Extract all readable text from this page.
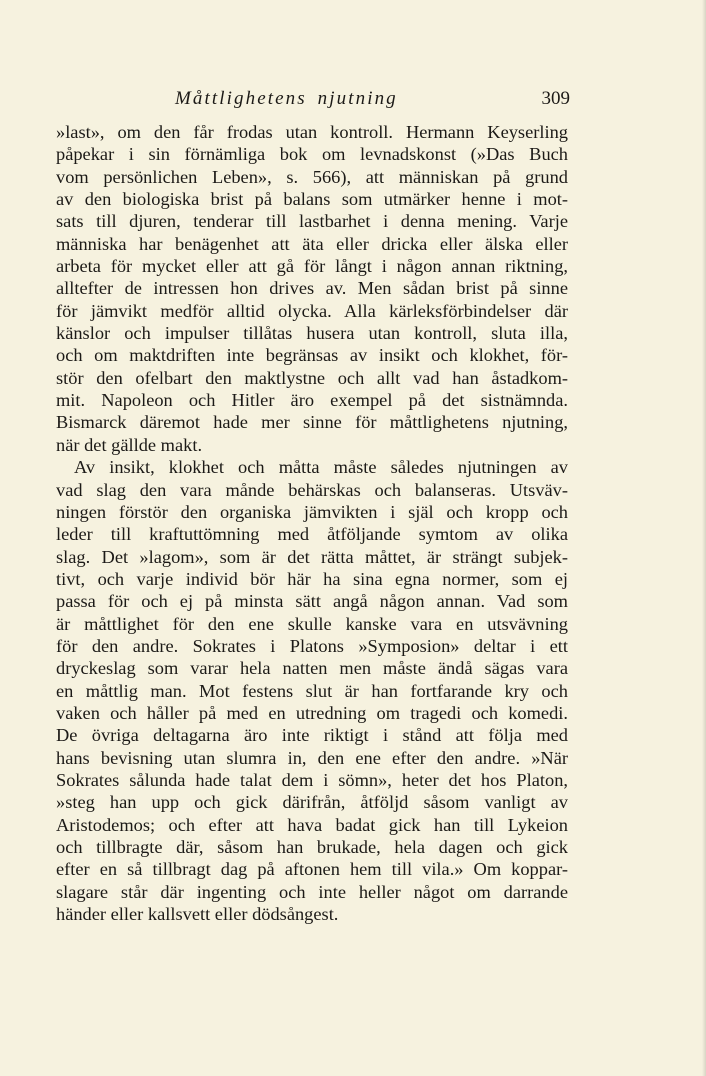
Måttlighetens njutning	309
»last», om den får frodas utan kontroll. Hermann Keyserling
påpekar i sin förnämliga bok om levnadskonst (»Das Buch
vom persönlichen Leben», s. 566), att människan på grund
av den biologiska brist på balans som utmärker henne i mot-
sats till djuren, tenderar till lastbarhet i denna mening. Varje
människa har benägenhet att äta eller dricka eller älska eller
arbeta för mycket eller att gå för långt i någon annan riktning,
alltefter de intressen hon drives av. Men sådan brist på sinne
för jämvikt medför alltid olycka. Alla kärleksförbindelser där
känslor och impulser tillåtas husera utan kontroll, sluta illa,
och om maktdriften inte begränsas av insikt och klokhet, för-
stör den ofelbart den maktlystne och allt vad han åstadkom-
mit. Napoleon och Hitler äro exempel på det sistnämnda.
Bismarck däremot hade mer sinne för måttlighetens njutning,
när det gällde makt.
Av insikt, klokhet och måtta måste således njutningen av
vad slag den vara månde behärskas och balanseras. Utsväv-
ningen förstör den organiska jämvikten i själ och kropp och
leder till kraftuttömning med åtföljande symtom av olika
slag. Det »lagom», som är det rätta måttet, är strängt subjek-
tivt, och varje individ bör här ha sina egna normer, som ej
passa för och ej på minsta sätt angå någon annan. Vad som
är måttlighet för den ene skulle kanske vara en utsvävning
för den andre. Sokrates i Platons »Symposion» deltar i ett
dryckeslag som varar hela natten men måste ändå sägas vara
en måttlig man. Mot festens slut är han fortfarande kry och
vaken och håller på med en utredning om tragedi och komedi.
De övriga deltagarna äro inte riktigt i stånd att följa med
hans bevisning utan slumra in, den ene efter den andre. »När
Sokrates sålunda hade talat dem i sömn», heter det hos Platon,
»steg han upp och gick därifrån, åtföljd såsom vanligt av
Aristodemos; och efter att hava badat gick han till Lykeion
och tillbragte där, såsom han brukade, hela dagen och gick
efter en så tillbragt dag på aftonen hem till vila.» Om koppar-
slagare står där ingenting och inte heller något om darrande
händer eller kallsvett eller dödsångest.
